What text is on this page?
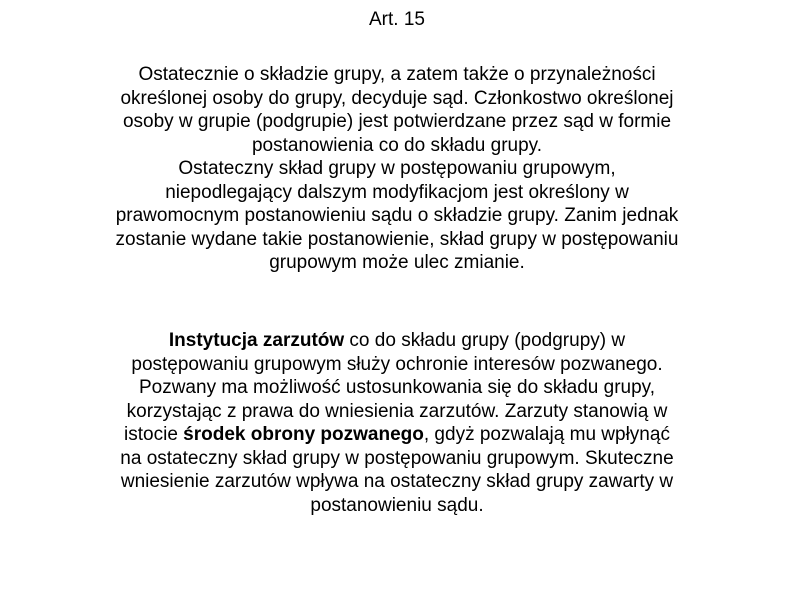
Art. 15
Ostatecznie o składzie grupy, a zatem także o przynależności
określonej osoby do grupy, decyduje sąd. Członkostwo określonej
osoby w grupie (podgrupie) jest potwierdzane przez sąd w formie
postanowienia co do składu grupy.
Ostateczny skład grupy w postępowaniu grupowym,
niepodlegający dalszym modyfikacjom jest określony w
prawomocnym postanowieniu sądu o składzie grupy. Zanim jednak
zostanie wydane takie postanowienie, skład grupy w postępowaniu
grupowym może ulec zmianie.
Instytucja zarzutów co do składu grupy (podgrupy) w
postępowaniu grupowym służy ochronie interesów pozwanego.
Pozwany ma możliwość ustosunkowania się do składu grupy,
korzystając z prawa do wniesienia zarzutów. Zarzuty stanowią w
istocie środek obrony pozwanego, gdyż pozwalają mu wpłynąć
na ostateczny skład grupy w postępowaniu grupowym. Skuteczne
wniesienie zarzutów wpływa na ostateczny skład grupy zawarty w
postanowieniu sądu.
